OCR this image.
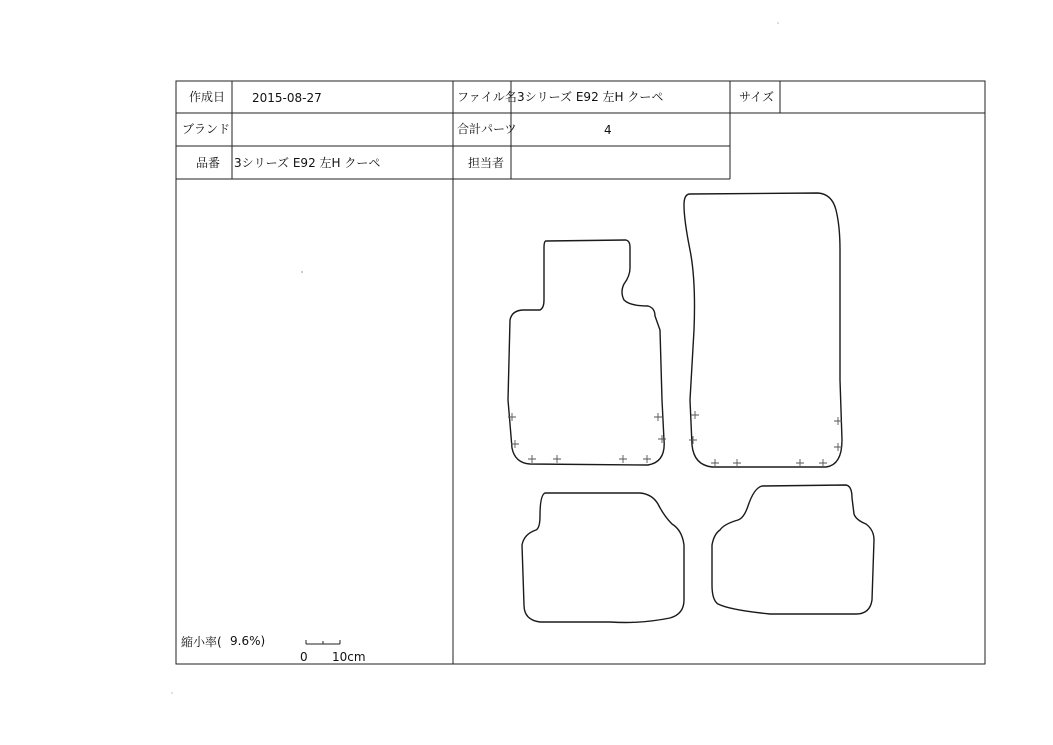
作成日 2015-08-27	ファイル名 3シリーズ E92 左H クーペ	サイズ
ブランド	合計パーツ	4
品番 3シリーズ E92 左H クーペ	担当者
縮小率( 9.6%)
0 10cm
